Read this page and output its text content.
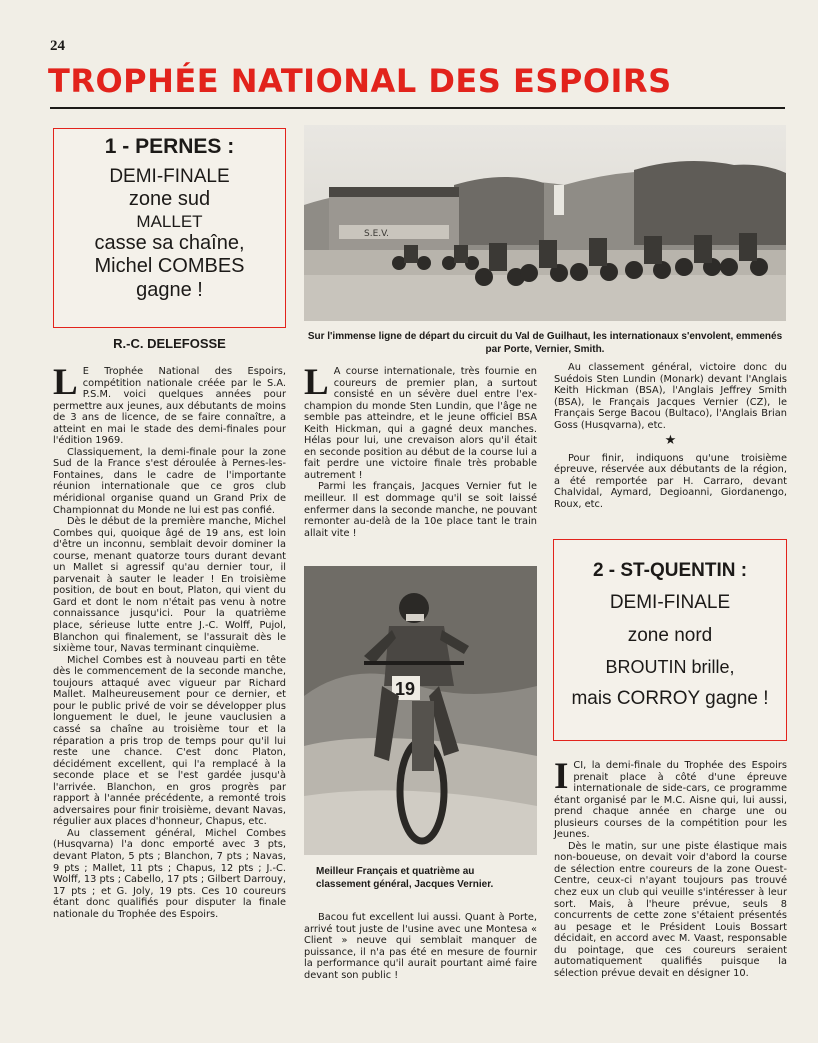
24
TROPHÉE NATIONAL DES ESPOIRS
1 - PERNES :
DEMI-FINALE
zone sud
MALLET
casse sa chaîne,
Michel COMBES
gagne !
R.-C. DELEFOSSE

L E Trophée National des Espoirs, compétition nationale créée par le S.A. P.S.M. voici quelques années pour permettre aux jeunes, aux débutants de moins de 3 ans de licence, de se faire connaître, a atteint en mai le stade des demi-finales pour l'édition 1969.

Classiquement, la demi-finale pour la zone Sud de la France s'est déroulée à Pernes-les-Fontaines, dans le cadre de l'importante réunion internationale que ce gros club méridional organise quand un Grand Prix de Championnat du Monde ne lui est pas confié.

Dès le début de la première manche, Michel Combes qui, quoique âgé de 19 ans, est loin d'être un inconnu, semblait devoir dominer la course, menant quatorze tours durant devant un Mallet si agressif qu'au dernier tour, il parvenait à sauter le leader ! En troisième position, de bout en bout, Platon, qui vient du Gard et dont le nom n'était pas venu à notre connaissance jusqu'ici. Pour la quatrième place, sérieuse lutte entre J.-C. Wolff, Pujol, Blanchon qui finalement, se l'assurait dès le sixième tour, Navas terminant cinquième.

Michel Combes est à nouveau parti en tête dès le commencement de la seconde manche, toujours attaqué avec vigueur par Richard Mallet. Malheureusement pour ce dernier, et pour le public privé de voir se développer plus longuement le duel, le jeune vauclusien a cassé sa chaîne au troisième tour et la réparation a pris trop de temps pour qu'il lui reste une chance. C'est donc Platon, décidément excellent, qui l'a remplacé à la seconde place et se l'est gardée jusqu'à l'arrivée. Blanchon, en gros progrès par rapport à l'année précédente, a remonté trois adversaires pour finir troisième, devant Navas, régulier aux places d'honneur, Chapus, etc.

Au classement général, Michel Combes (Husqvarna) l'a donc emporté avec 3 pts, devant Platon, 5 pts ; Blanchon, 7 pts ; Navas, 9 pts ; Mallet, 11 pts ; Chapus, 12 pts ; J.-C. Wolff, 13 pts ; Cabello, 17 pts ; Gilbert Darrouy, 17 pts ; et G. Joly, 19 pts. Ces 10 coureurs étant donc qualifiés pour disputer la finale nationale du Trophée des Espoirs.

S.E.V.
Sur l'immense ligne de départ du circuit du Val de Guilhaut, les internationaux s'envolent, emmenés par Porte, Vernier, Smith.

L A course internationale, très fournie en coureurs de premier plan, a surtout consisté en un sévère duel entre l'ex-champion du monde Sten Lundin, que l'âge ne semble pas atteindre, et le jeune officiel BSA Keith Hickman, qui a gagné deux manches. Hélas pour lui, une crevaison alors qu'il était en seconde position au début de la course lui a fait perdre une victoire finale très probable autrement !

Parmi les français, Jacques Vernier fut le meilleur. Il est dommage qu'il se soit laissé enfermer dans la seconde manche, ne pouvant remonter au-delà de la 10e place tant le train allait vite !

19
Meilleur Français et quatrième au classement général, Jacques Vernier.

Bacou fut excellent lui aussi. Quant à Porte, arrivé tout juste de l'usine avec une Montesa « Client » neuve qui semblait manquer de puissance, il n'a pas été en mesure de fournir la performance qu'il aurait pourtant aimé faire devant son public !

Au classement général, victoire donc du Suédois Sten Lundin (Monark) devant l'Anglais Keith Hickman (BSA), l'Anglais Jeffrey Smith (BSA), le Français Jacques Vernier (CZ), le Français Serge Bacou (Bultaco), l'Anglais Brian Goss (Husqvarna), etc.

★

Pour finir, indiquons qu'une troisième épreuve, réservée aux débutants de la région, a été remportée par H. Carraro, devant Chalvidal, Aymard, Degioanni, Giordanengo, Roux, etc.

2 - ST-QUENTIN :
DEMI-FINALE
zone nord
BROUTIN brille,
mais CORROY gagne !

ICI, la demi-finale du Trophée des Espoirs prenait place à côté d'une épreuve internationale de side-cars, ce programme étant organisé par le M.C. Aisne qui, lui aussi, prend chaque année en charge une ou plusieurs courses de la compétition pour les Jeunes.

Dès le matin, sur une piste élastique mais non-boueuse, on devait voir d'abord la course de sélection entre coureurs de la zone Ouest-Centre, ceux-ci n'ayant toujours pas trouvé chez eux un club qui veuille s'intéresser à leur sort. Mais, à l'heure prévue, seuls 8 concurrents de cette zone s'étaient présentés au pesage et le Président Louis Bossart décidait, en accord avec M. Vaast, responsable du pointage, que ces coureurs seraient automatiquement qualifiés puisque la sélection prévue devait en désigner 10.
